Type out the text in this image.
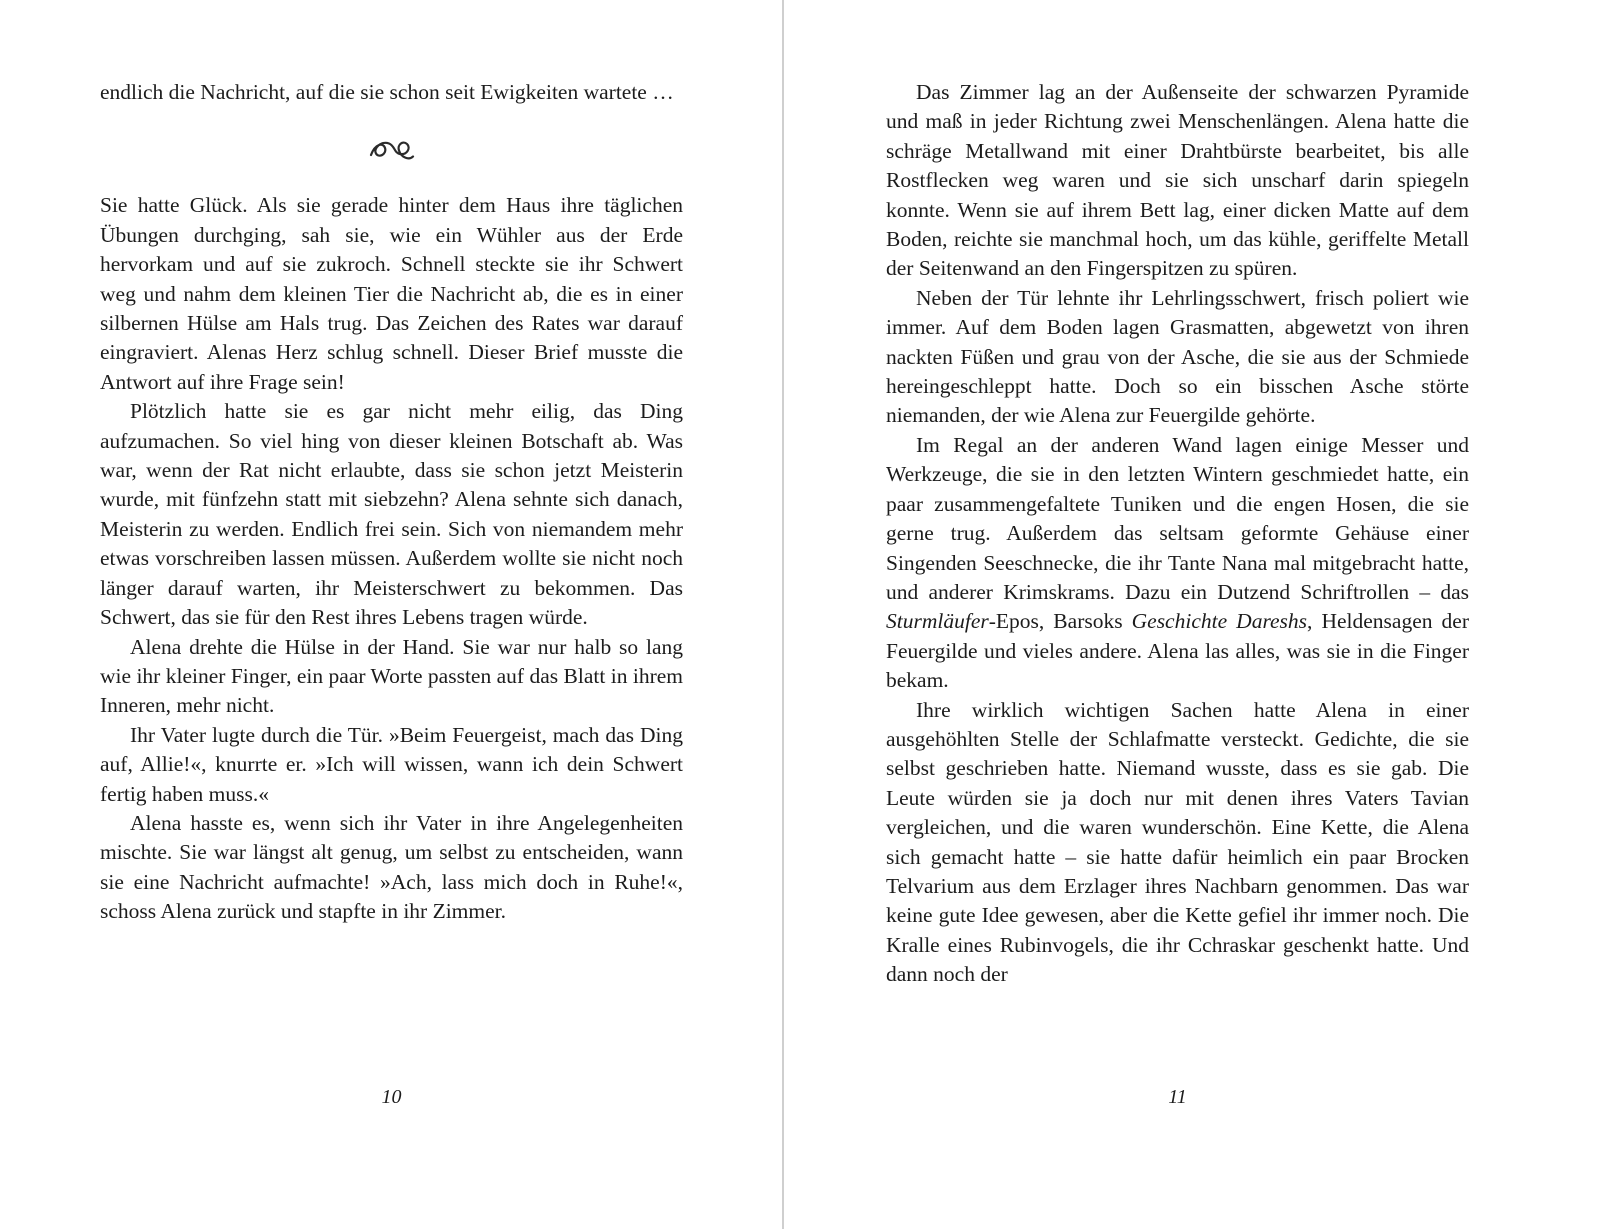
endlich die Nachricht, auf die sie schon seit Ewigkeiten wartete …

Sie hatte Glück. Als sie gerade hinter dem Haus ihre täglichen Übungen durchging, sah sie, wie ein Wühler aus der Erde hervorkam und auf sie zukroch. Schnell steckte sie ihr Schwert weg und nahm dem kleinen Tier die Nachricht ab, die es in einer silbernen Hülse am Hals trug. Das Zeichen des Rates war darauf eingraviert. Alenas Herz schlug schnell. Dieser Brief musste die Antwort auf ihre Frage sein!

Plötzlich hatte sie es gar nicht mehr eilig, das Ding aufzumachen. So viel hing von dieser kleinen Botschaft ab. Was war, wenn der Rat nicht erlaubte, dass sie schon jetzt Meisterin wurde, mit fünfzehn statt mit siebzehn? Alena sehnte sich danach, Meisterin zu werden. Endlich frei sein. Sich von niemandem mehr etwas vorschreiben lassen müssen. Außerdem wollte sie nicht noch länger darauf warten, ihr Meisterschwert zu bekommen. Das Schwert, das sie für den Rest ihres Lebens tragen würde.

Alena drehte die Hülse in der Hand. Sie war nur halb so lang wie ihr kleiner Finger, ein paar Worte passten auf das Blatt in ihrem Inneren, mehr nicht.

Ihr Vater lugte durch die Tür. »Beim Feuergeist, mach das Ding auf, Allie!«, knurrte er. »Ich will wissen, wann ich dein Schwert fertig haben muss.«

Alena hasste es, wenn sich ihr Vater in ihre Angelegenheiten mischte. Sie war längst alt genug, um selbst zu entscheiden, wann sie eine Nachricht aufmachte! »Ach, lass mich doch in Ruhe!«, schoss Alena zurück und stapfte in ihr Zimmer.

Das Zimmer lag an der Außenseite der schwarzen Pyramide und maß in jeder Richtung zwei Menschenlängen. Alena hatte die schräge Metallwand mit einer Drahtbürste bearbeitet, bis alle Rostflecken weg waren und sie sich unscharf darin spiegeln konnte. Wenn sie auf ihrem Bett lag, einer dicken Matte auf dem Boden, reichte sie manchmal hoch, um das kühle, geriffelte Metall der Seitenwand an den Fingerspitzen zu spüren.

Neben der Tür lehnte ihr Lehrlingsschwert, frisch poliert wie immer. Auf dem Boden lagen Grasmatten, abgewetzt von ihren nackten Füßen und grau von der Asche, die sie aus der Schmiede hereingeschleppt hatte. Doch so ein bisschen Asche störte niemanden, der wie Alena zur Feuergilde gehörte.

Im Regal an der anderen Wand lagen einige Messer und Werkzeuge, die sie in den letzten Wintern geschmiedet hatte, ein paar zusammengefaltete Tuniken und die engen Hosen, die sie gerne trug. Außerdem das seltsam geformte Gehäuse einer Singenden Seeschnecke, die ihr Tante Nana mal mitgebracht hatte, und anderer Krimskrams. Dazu ein Dutzend Schriftrollen – das Sturmläufer-Epos, Barsoks Geschichte Dareshs, Heldensagen der Feuergilde und vieles andere. Alena las alles, was sie in die Finger bekam.

Ihre wirklich wichtigen Sachen hatte Alena in einer ausgehöhlten Stelle der Schlafmatte versteckt. Gedichte, die sie selbst geschrieben hatte. Niemand wusste, dass es sie gab. Die Leute würden sie ja doch nur mit denen ihres Vaters Tavian vergleichen, und die waren wunderschön. Eine Kette, die Alena sich gemacht hatte – sie hatte dafür heimlich ein paar Brocken Telvarium aus dem Erzlager ihres Nachbarn genommen. Das war keine gute Idee gewesen, aber die Kette gefiel ihr immer noch. Die Kralle eines Rubinvogels, die ihr Cchraskar geschenkt hatte. Und dann noch der

10	11
